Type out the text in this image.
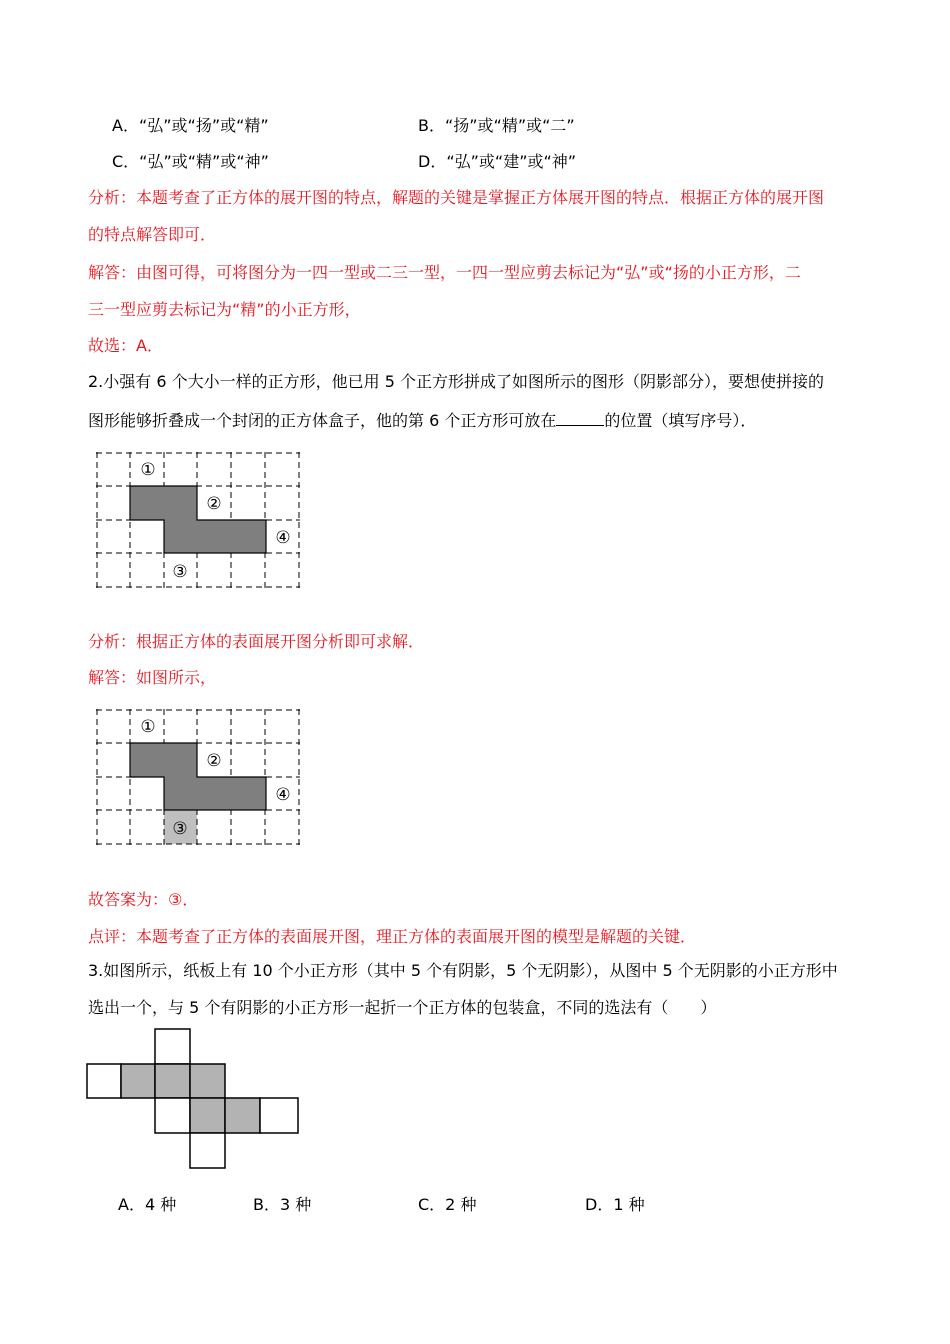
A．“弘”或“扬”或“精”	B．“扬”或“精”或“二”
C．“弘”或“精”或“神”	D．“弘”或“建”或“神”
分析：本题考查了正方体的展开图的特点，解题的关键是掌握正方体展开图的特点．根据正方体的展开图
的特点解答即可．
解答：由图可得，可将图分为一四一型或二三一型，一四一型应剪去标记为“弘”或“扬的小正方形，二
三一型应剪去标记为“精”的小正方形，
故选：A．
2.小强有 6 个大小一样的正方形，他已用 5 个正方形拼成了如图所示的图形（阴影部分），要想使拼接的
图形能够折叠成一个封闭的正方体盒子，他的第 6 个正方形可放在	的位置（填写序号）．
①
②
③
④
分析：根据正方体的表面展开图分析即可求解．
解答：如图所示，
①
②
③
④
故答案为：③．
点评：本题考查了正方体的表面展开图，理正方体的表面展开图的模型是解题的关键．
3.如图所示，纸板上有 10 个小正方形（其中 5 个有阴影，5 个无阴影），从图中 5 个无阴影的小正方形中
选出一个，与 5 个有阴影的小正方形一起折一个正方体的包装盒，不同的选法有（　　）
A．4 种	B．3 种	C．2 种	D．1 种
